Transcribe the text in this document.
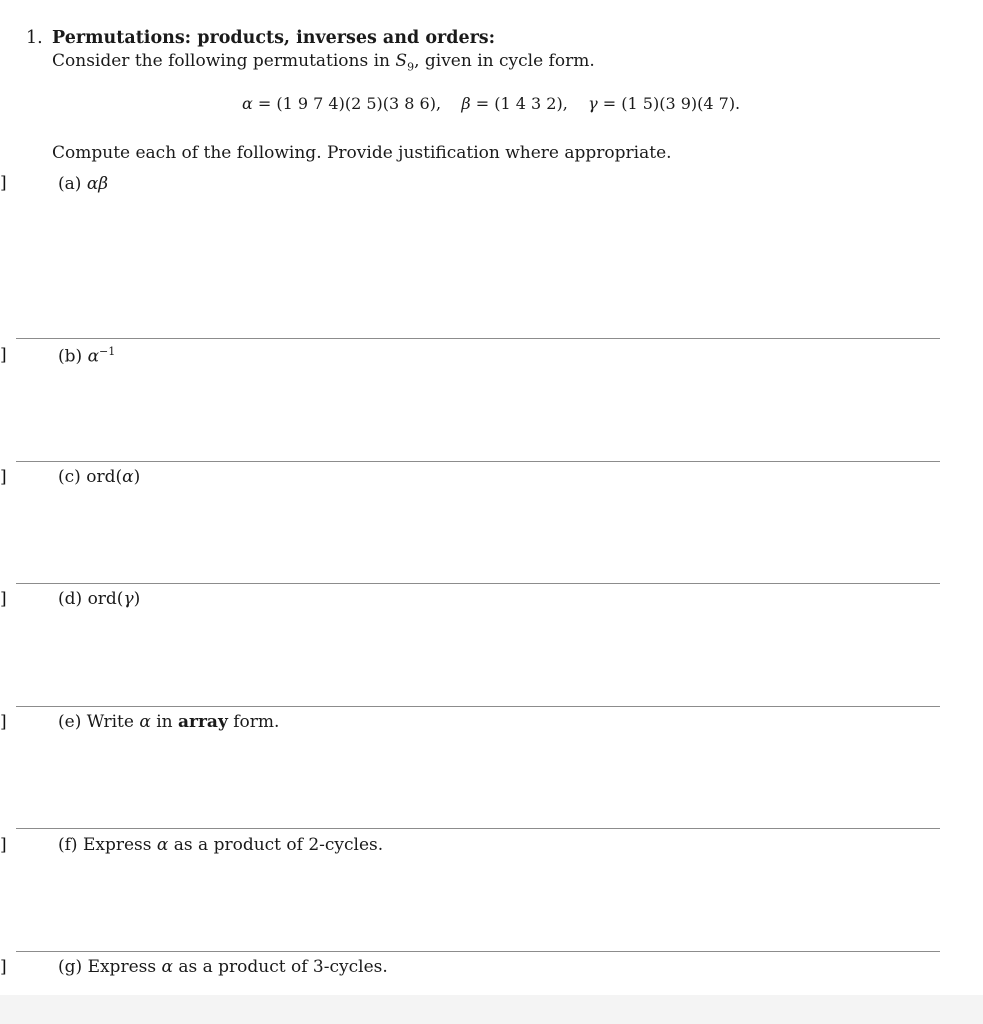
1. Permutations: products, inverses and orders:
Consider the following permutations in $S_9$, given in cycle form.
α = (1 9 7 4)(2 5)(3 8 6), β = (1 4 3 2), γ = (1 5)(3 9)(4 7).
Compute each of the following. Provide justification where appropriate.
]	(a) αβ
]	(b) $\alpha^{-1}$
]	(c) ord(α)
]	(d) ord(γ)
]	(e) Write α in array form.
]	(f) Express α as a product of 2-cycles.
]	(g) Express α as a product of 3-cycles.
